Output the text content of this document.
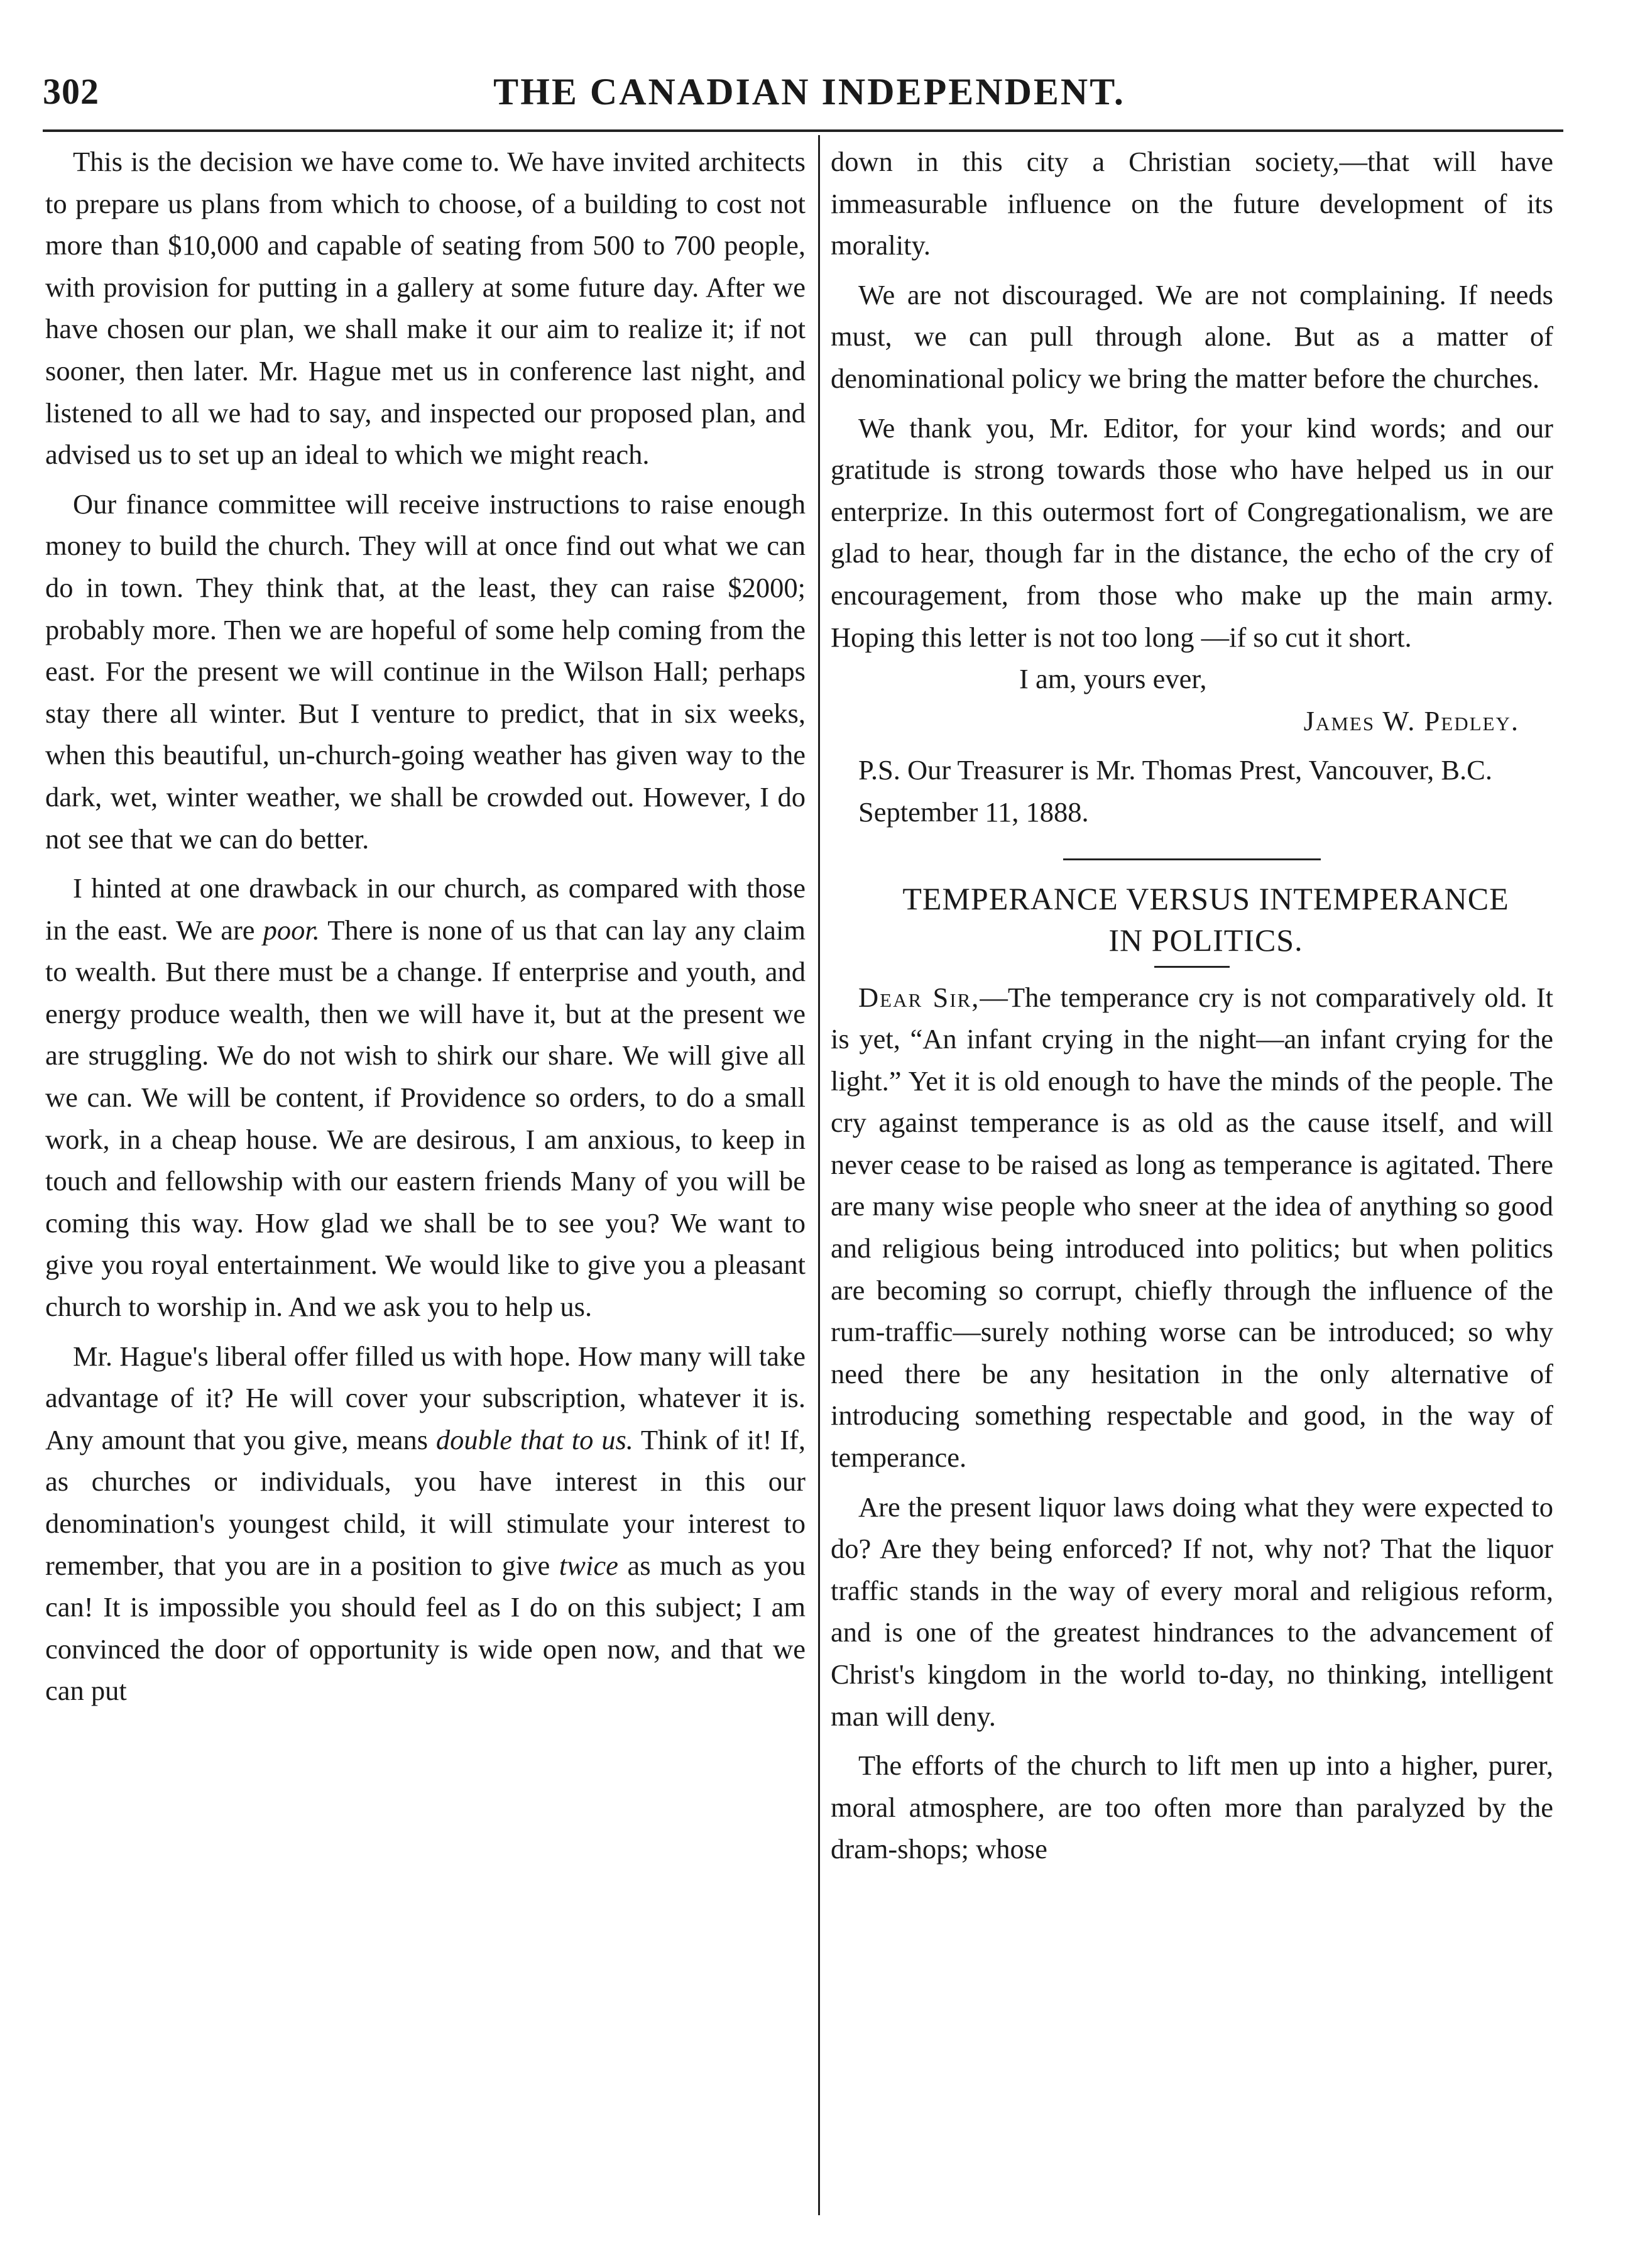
302	THE CANADIAN INDEPENDENT.

This is the decision we have come to. We have invited architects to prepare us plans from which to choose, of a building to cost not more than $10,000 and capable of seating from 500 to 700 people, with provision for putting in a gallery at some future day. After we have chosen our plan, we shall make it our aim to realize it; if not sooner, then later. Mr. Hague met us in conference last night, and listened to all we had to say, and inspected our proposed plan, and advised us to set up an ideal to which we might reach.

Our finance committee will receive instructions to raise enough money to build the church. They will at once find out what we can do in town. They think that, at the least, they can raise $2000; probably more. Then we are hopeful of some help coming from the east. For the present we will continue in the Wilson Hall; perhaps stay there all winter. But I venture to predict, that in six weeks, when this beautiful, un-church-going weather has given way to the dark, wet, winter weather, we shall be crowded out. However, I do not see that we can do better.

I hinted at one drawback in our church, as compared with those in the east. We are poor. There is none of us that can lay any claim to wealth. But there must be a change. If enterprise and youth, and energy produce wealth, then we will have it, but at the present we are struggling. We do not wish to shirk our share. We will give all we can. We will be content, if Providence so orders, to do a small work, in a cheap house. We are desirous, I am anxious, to keep in touch and fellowship with our eastern friends Many of you will be coming this way. How glad we shall be to see you? We want to give you royal entertainment. We would like to give you a pleasant church to worship in. And we ask you to help us.

Mr. Hague's liberal offer filled us with hope. How many will take advantage of it? He will cover your subscription, whatever it is. Any amount that you give, means double that to us. Think of it! If, as churches or individuals, you have interest in this our denomination's youngest child, it will stimulate your interest to remember, that you are in a position to give twice as much as you can! It is impossible you should feel as I do on this subject; I am convinced the door of opportunity is wide open now, and that we can put

down in this city a Christian society,—that will have immeasurable influence on the future development of its morality.

We are not discouraged. We are not complaining. If needs must, we can pull through alone. But as a matter of denominational policy we bring the matter before the churches.

We thank you, Mr. Editor, for your kind words; and our gratitude is strong towards those who have helped us in our enterprize. In this outermost fort of Congregationalism, we are glad to hear, though far in the distance, the echo of the cry of encouragement, from those who make up the main army. Hoping this letter is not too long —if so cut it short.

I am, yours ever,

James W. Pedley.

P.S. Our Treasurer is Mr. Thomas Prest, Vancouver, B.C.

September 11, 1888.

TEMPERANCE VERSUS INTEMPERANCE

IN POLITICS.

Dear Sir,—The temperance cry is not comparatively old. It is yet, “An infant crying in the night—an infant crying for the light.” Yet it is old enough to have the minds of the people. The cry against temperance is as old as the cause itself, and will never cease to be raised as long as temperance is agitated. There are many wise people who sneer at the idea of anything so good and religious being introduced into politics; but when politics are becoming so corrupt, chiefly through the influence of the rum-traffic—surely nothing worse can be introduced; so why need there be any hesitation in the only alternative of introducing something respectable and good, in the way of temperance.

Are the present liquor laws doing what they were expected to do? Are they being enforced? If not, why not? That the liquor traffic stands in the way of every moral and religious reform, and is one of the greatest hindrances to the advancement of Christ's kingdom in the world to-day, no thinking, intelligent man will deny.

The efforts of the church to lift men up into a higher, purer, moral atmosphere, are too often more than paralyzed by the dram-shops; whose
